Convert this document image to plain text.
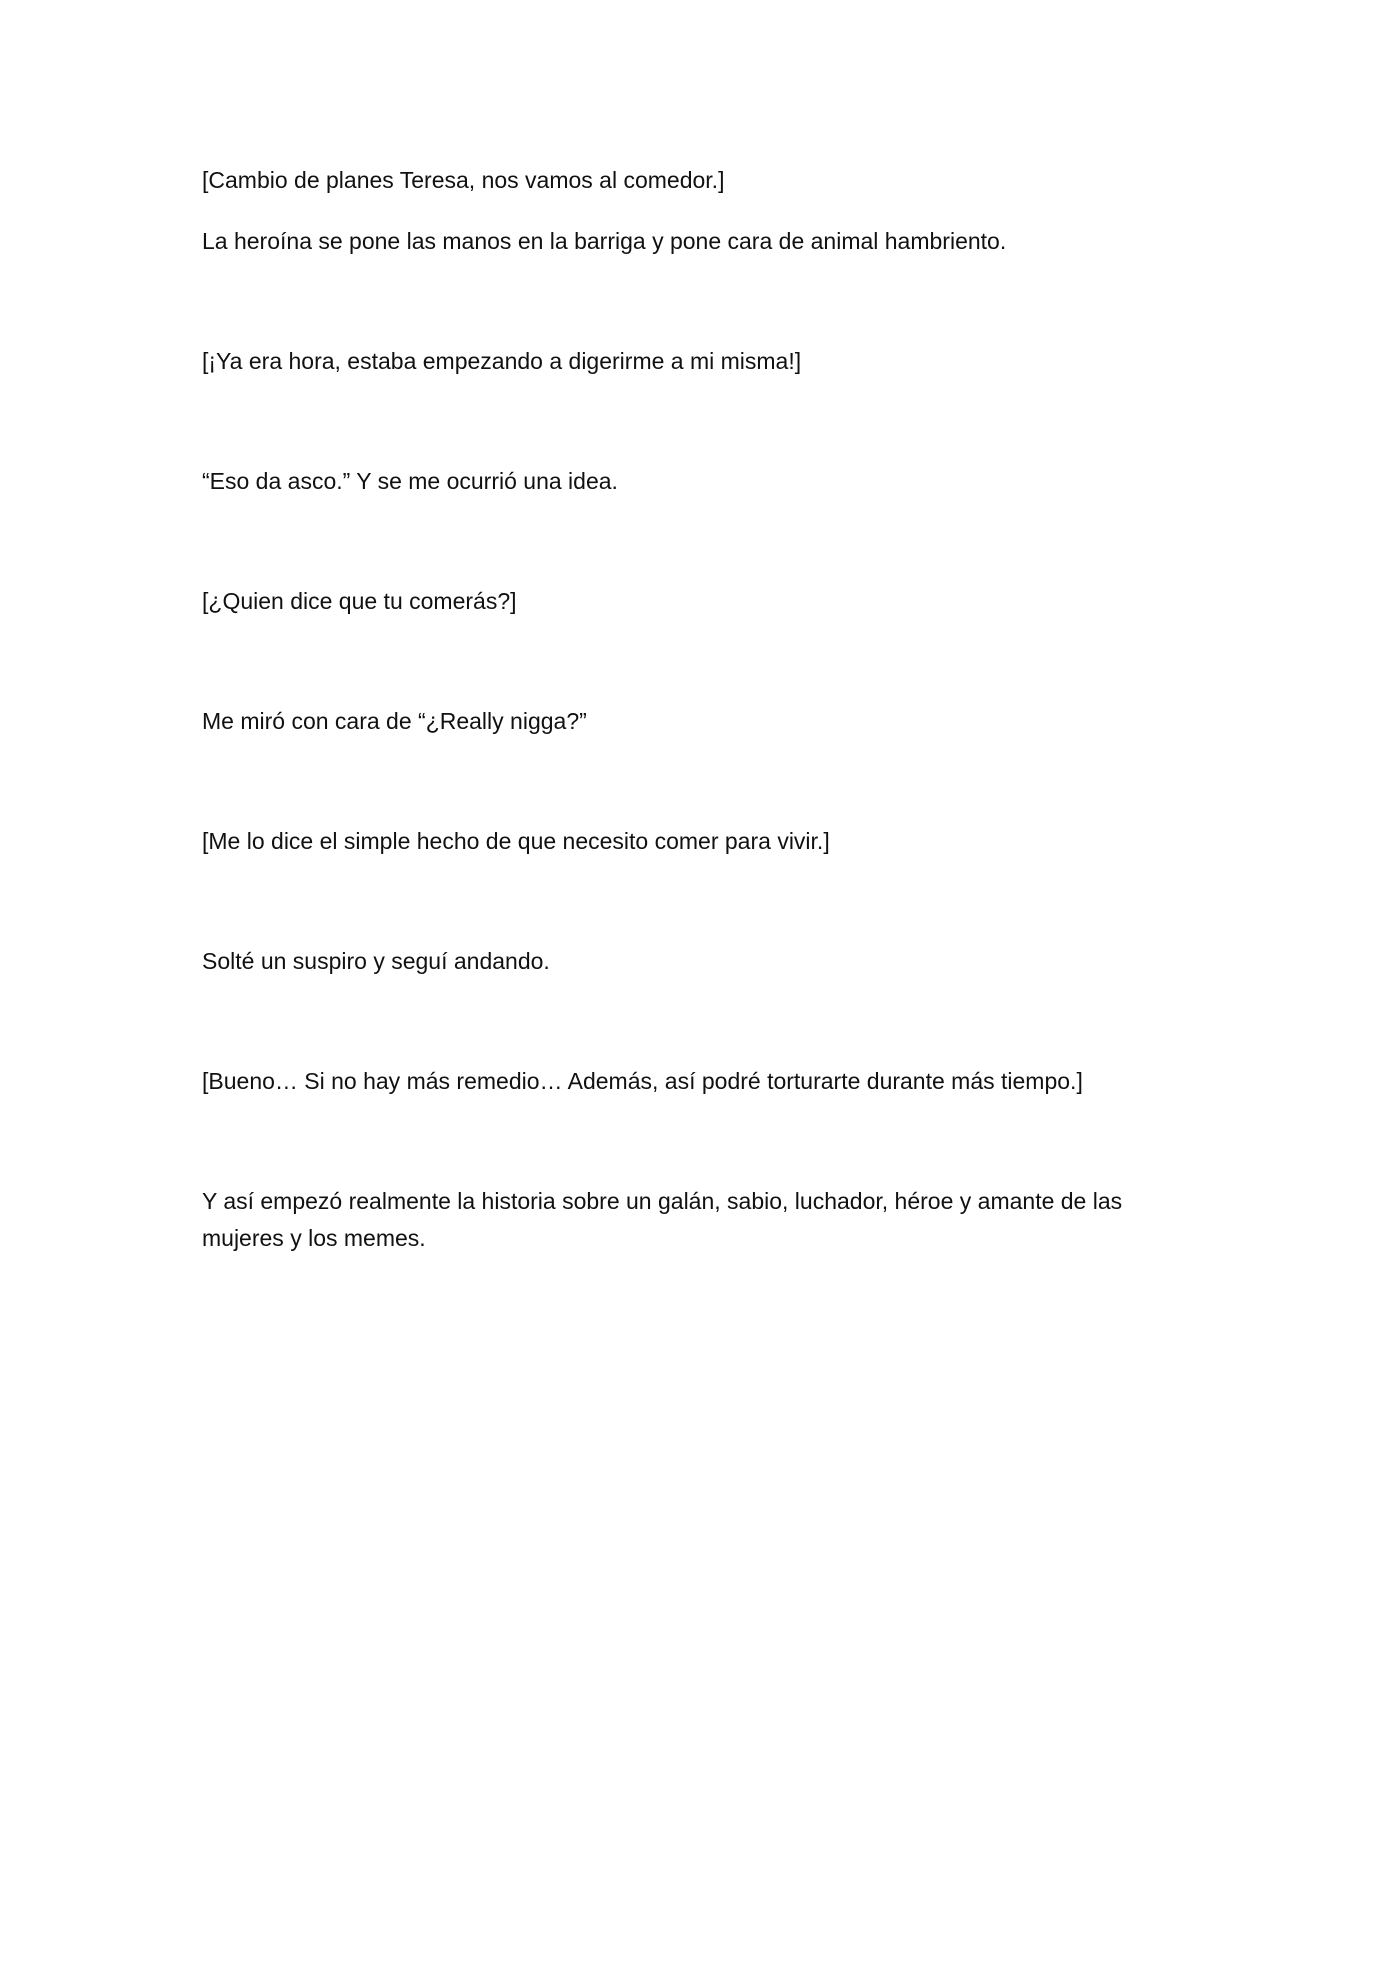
[Cambio de planes Teresa, nos vamos al comedor.]

La heroína se pone las manos en la barriga y pone cara de animal hambriento.

[¡Ya era hora, estaba empezando a digerirme a mi misma!]

“Eso da asco.” Y se me ocurrió una idea.

[¿Quien dice que tu comerás?]

Me miró con cara de “¿Really nigga?”

[Me lo dice el simple hecho de que necesito comer para vivir.]

Solté un suspiro y seguí andando.

[Bueno… Si no hay más remedio… Además, así podré torturarte durante más tiempo.]

Y así empezó realmente la historia sobre un galán, sabio, luchador, héroe y amante de las mujeres y los memes.
